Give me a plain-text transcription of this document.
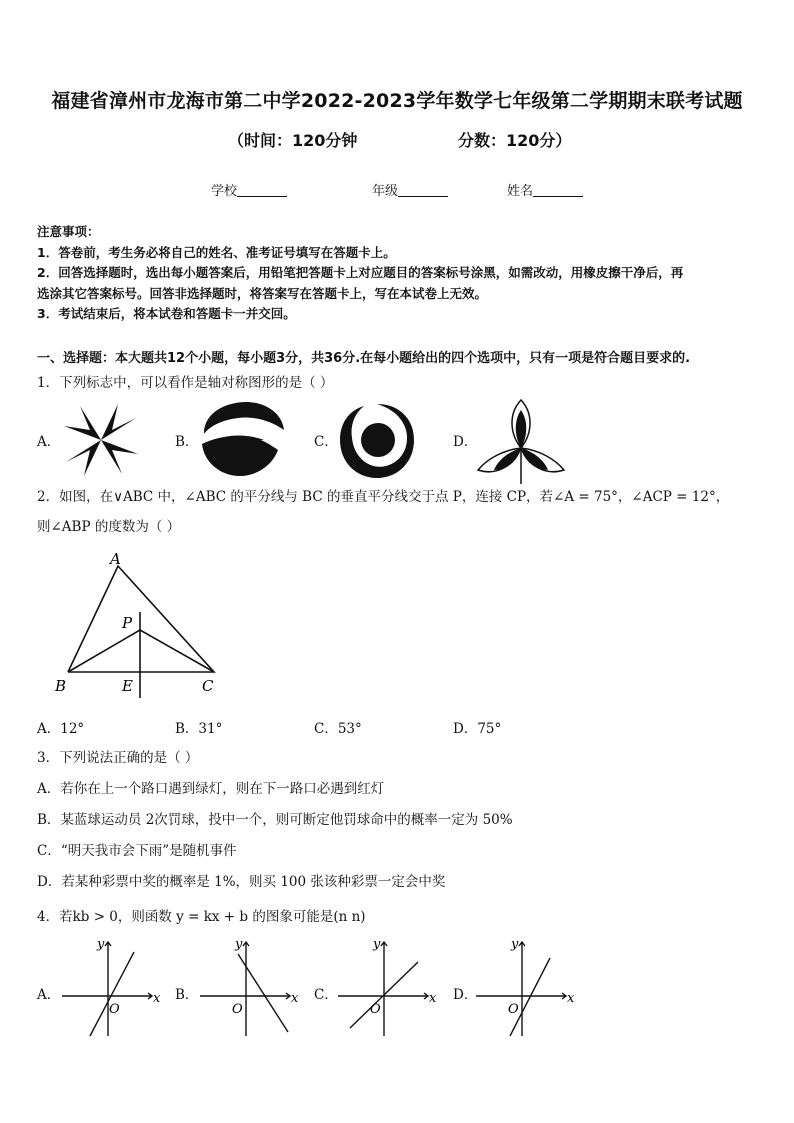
福建省漳州市龙海市第二中学2022-2023学年数学七年级第二学期期末联考试题
（时间：120分钟	分数：120分）
学校	年级	姓名
注意事项：
1．答卷前，考生务必将自己的姓名、准考证号填写在答题卡上。
2．回答选择题时，选出每小题答案后，用铅笔把答题卡上对应题目的答案标号涂黑，如需改动，用橡皮擦干净后，再
选涂其它答案标号。回答非选择题时，将答案写在答题卡上，写在本试卷上无效。
3．考试结束后，将本试卷和答题卡一并交回。
一、选择题：本大题共12个小题，每小题3分，共36分.在每小题给出的四个选项中，只有一项是符合题目要求的.
1．下列标志中，可以看作是轴对称图形的是（ ）
A．	B．	C．	D．
2．如图，在∨ABC 中，∠ABC 的平分线与 BC 的垂直平分线交于点 P，连接 CP，若∠A = 75°，∠ACP = 12°，
则∠ABP 的度数为（ ）
A
P
B	E	C
A．12°	B．31°	C．53°	D．75°
3．下列说法正确的是（ ）
A．若你在上一个路口遇到绿灯，则在下一路口必遇到红灯
B．某蓝球运动员 2次罚球，投中一个，则可断定他罚球命中的概率一定为 50%
C．“明天我市会下雨”是随机事件
D．若某种彩票中奖的概率是 1%，则买 100 张该种彩票一定会中奖
4．若kb > 0，则函数 y = kx + b 的图象可能是(n n)
A．	B．	C．	D．
x
y
O
x
y
O
x
y
O
x
y
O
